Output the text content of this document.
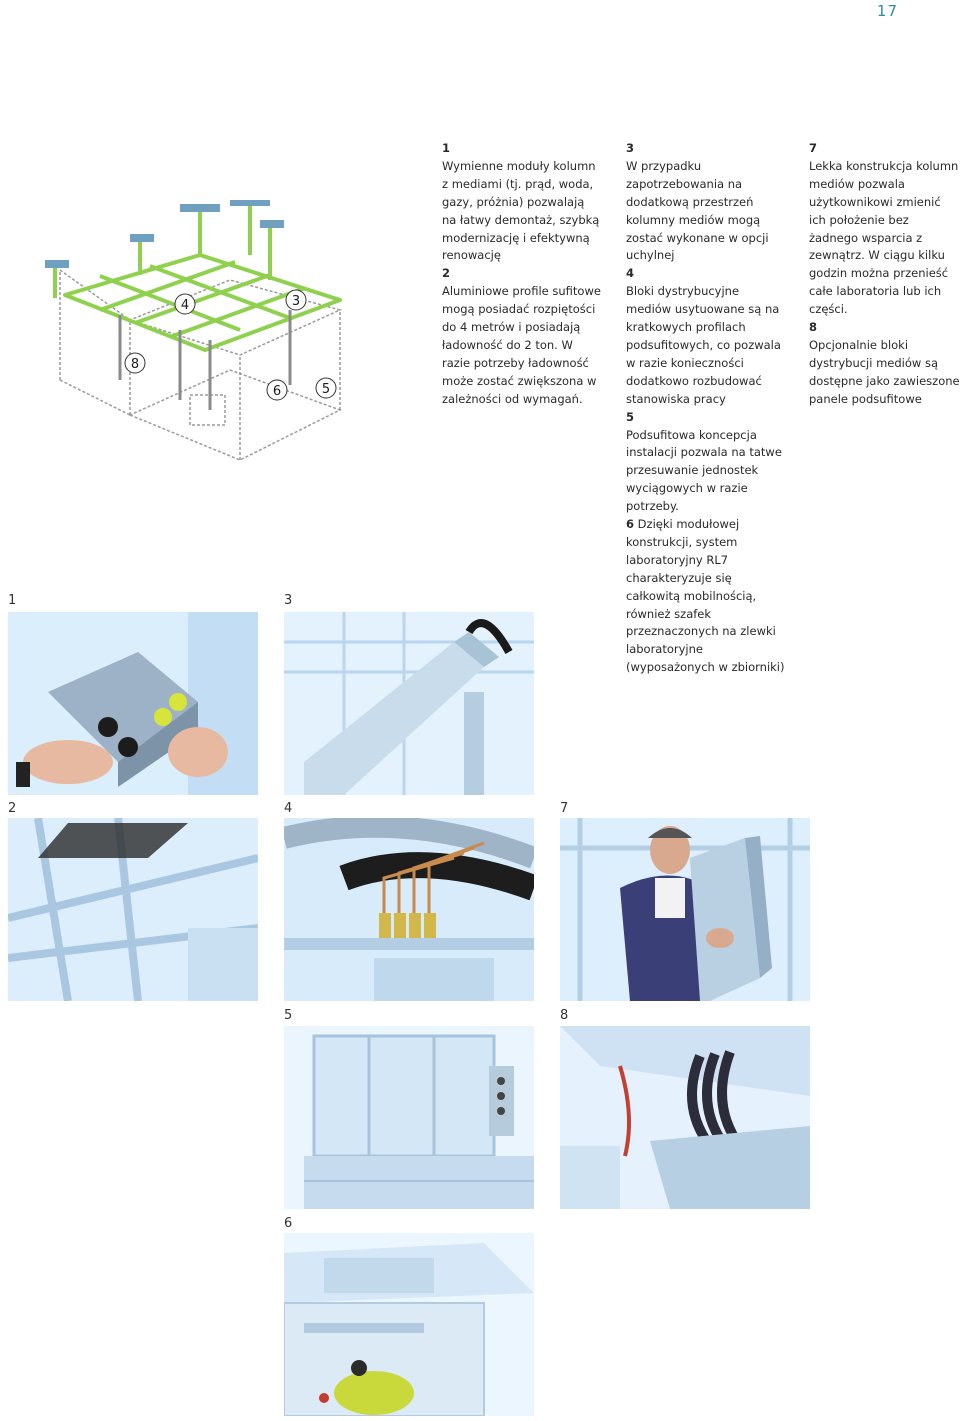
17
4	3
8
6	5
1

Wymienne moduły kolumn z mediami (tj. prąd, woda, gazy, próżnia) pozwalają na łatwy demontaż, szybką modernizację i efektywną renowację

2

Aluminiowe profile sufitowe mogą posiadać rozpiętości do 4 metrów i posiadają ładowność do 2 ton. W razie potrzeby ładowność może zostać zwiększona w zależności od wymagań.

3

W przypadku zapotrzebowania na dodatkową przestrzeń kolumny mediów mogą zostać wykonane w opcji uchylnej

4

Bloki dystrybucyjne mediów usytuowane są na kratkowych profilach podsufitowych, co pozwala w razie konieczności dodatkowo rozbudować stanowiska pracy

5

Podsufitowa koncepcja instalacji pozwala na tatwe przesuwanie jednostek wyciągowych w razie potrzeby.

6 Dzięki modułowej konstrukcji, system laboratoryjny RL7 charakteryzuje się całkowitą mobilnością, również szafek przeznaczonych na zlewki laboratoryjne (wyposażonych w zbiorniki)

7

Lekka konstrukcja kolumn mediów pozwala użytkownikowi zmienić ich położenie bez żadnego wsparcia z zewnątrz. W ciągu kilku godzin można przenieść całe laboratoria lub ich części.

8

Opcjonalnie bloki dystrybucji mediów są dostępne jako zawieszone panele podsufitowe

1	3
2	4	7
5	8
6
